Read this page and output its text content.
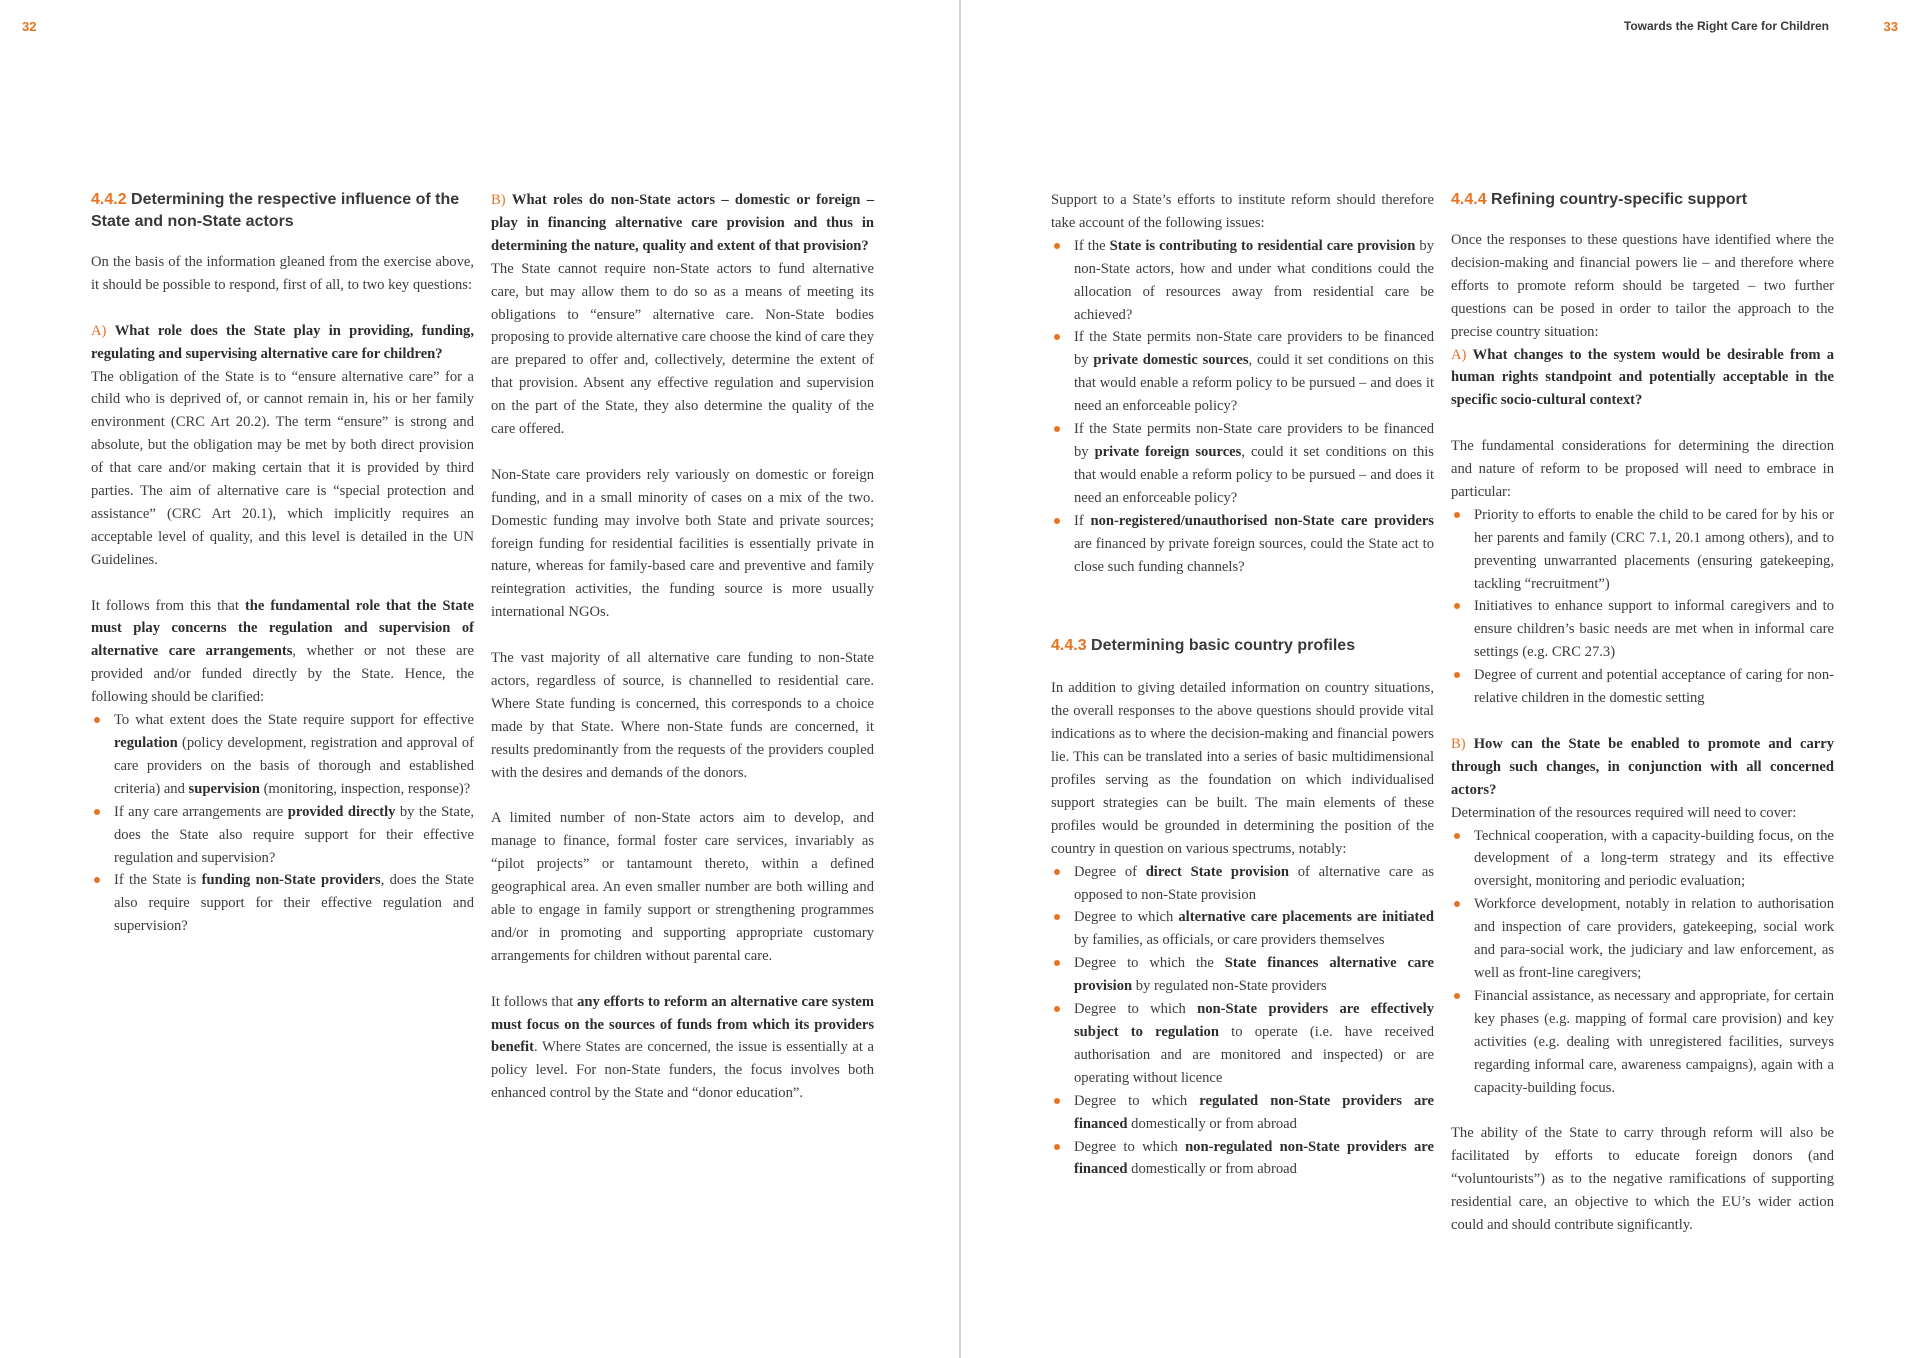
32
4.4.2 Determining the respective influence of the State and non-State actors

On the basis of the information gleaned from the exercise above, it should be possible to respond, first of all, to two key questions:

A) What role does the State play in providing, funding, regulating and supervising alternative care for children?

The obligation of the State is to “ensure alternative care” for a child who is deprived of, or cannot remain in, his or her family environment (CRC Art 20.2). The term “ensure” is strong and absolute, but the obligation may be met by both direct provision of that care and/or making certain that it is provided by third parties. The aim of alternative care is “special protection and assistance” (CRC Art 20.1), which implicitly requires an acceptable level of quality, and this level is detailed in the UN Guidelines.

It follows from this that the fundamental role that the State must play concerns the regulation and supervision of alternative care arrangements, whether or not these are provided and/or funded directly by the State. Hence, the following should be clarified:

To what extent does the State require support for effective regulation (policy development, registration and approval of care providers on the basis of thorough and established criteria) and supervision (monitoring, inspection, response)?
If any care arrangements are provided directly by the State, does the State also require support for their effective regulation and supervision?
If the State is funding non-State providers, does the State also require support for their effective regulation and supervision?

B) What roles do non-State actors – domestic or foreign – play in financing alternative care provision and thus in determining the nature, quality and extent of that provision?

The State cannot require non-State actors to fund alternative care, but may allow them to do so as a means of meeting its obligations to “ensure” alternative care. Non-State bodies proposing to provide alternative care choose the kind of care they are prepared to offer and, collectively, determine the extent of that provision. Absent any effective regulation and supervision on the part of the State, they also determine the quality of the care offered.

Non-State care providers rely variously on domestic or foreign funding, and in a small minority of cases on a mix of the two. Domestic funding may involve both State and private sources; foreign funding for residential facilities is essentially private in nature, whereas for family-based care and preventive and family reintegration activities, the funding source is more usually international NGOs.

The vast majority of all alternative care funding to non-State actors, regardless of source, is channelled to residential care. Where State funding is concerned, this corresponds to a choice made by that State. Where non-State funds are concerned, it results predominantly from the requests of the providers coupled with the desires and demands of the donors.

A limited number of non-State actors aim to develop, and manage to finance, formal foster care services, invariably as “pilot projects” or tantamount thereto, within a defined geographical area. An even smaller number are both willing and able to engage in family support or strengthening programmes and/or in promoting and supporting appropriate customary arrangements for children without parental care.

It follows that any efforts to reform an alternative care system must focus on the sources of funds from which its providers benefit. Where States are concerned, the issue is essentially at a policy level. For non-State funders, the focus involves both enhanced control by the State and “donor education”.

Towards the Right Care for Children	33

Support to a State’s efforts to institute reform should therefore take account of the following issues:

If the State is contributing to residential care provision by non-State actors, how and under what conditions could the allocation of resources away from residential care be achieved?
If the State permits non-State care providers to be financed by private domestic sources, could it set conditions on this that would enable a reform policy to be pursued – and does it need an enforceable policy?
If the State permits non-State care providers to be financed by private foreign sources, could it set conditions on this that would enable a reform policy to be pursued – and does it need an enforceable policy?
If non-registered/unauthorised non-State care providers are financed by private foreign sources, could the State act to close such funding channels?
4.4.3 Determining basic country profiles

In addition to giving detailed information on country situations, the overall responses to the above questions should provide vital indications as to where the decision-making and financial powers lie. This can be translated into a series of basic multidimensional profiles serving as the foundation on which individualised support strategies can be built. The main elements of these profiles would be grounded in determining the position of the country in question on various spectrums, notably:

Degree of direct State provision of alternative care as opposed to non-State provision
Degree to which alternative care placements are initiated by families, as officials, or care providers themselves
Degree to which the State finances alternative care provision by regulated non-State providers
Degree to which non-State providers are effectively subject to regulation to operate (i.e. have received authorisation and are monitored and inspected) or are operating without licence
Degree to which regulated non-State providers are financed domestically or from abroad
Degree to which non-regulated non-State providers are financed domestically or from abroad
4.4.4 Refining country-specific support

Once the responses to these questions have identified where the decision-making and financial powers lie – and therefore where efforts to promote reform should be targeted – two further questions can be posed in order to tailor the approach to the precise country situation:

A) What changes to the system would be desirable from a human rights standpoint and potentially acceptable in the specific socio-cultural context?

The fundamental considerations for determining the direction and nature of reform to be proposed will need to embrace in particular:

Priority to efforts to enable the child to be cared for by his or her parents and family (CRC 7.1, 20.1 among others), and to preventing unwarranted placements (ensuring gatekeeping, tackling “recruitment”)
Initiatives to enhance support to informal caregivers and to ensure children’s basic needs are met when in informal care settings (e.g. CRC 27.3)
Degree of current and potential acceptance of caring for non-relative children in the domestic setting

B) How can the State be enabled to promote and carry through such changes, in conjunction with all concerned actors?

Determination of the resources required will need to cover:

Technical cooperation, with a capacity-building focus, on the development of a long-term strategy and its effective oversight, monitoring and periodic evaluation;
Workforce development, notably in relation to authorisation and inspection of care providers, gatekeeping, social work and para-social work, the judiciary and law enforcement, as well as front-line caregivers;
Financial assistance, as necessary and appropriate, for certain key phases (e.g. mapping of formal care provision) and key activities (e.g. dealing with unregistered facilities, surveys regarding informal care, awareness campaigns), again with a capacity-building focus.

The ability of the State to carry through reform will also be facilitated by efforts to educate foreign donors (and “voluntourists”) as to the negative ramifications of supporting residential care, an objective to which the EU’s wider action could and should contribute significantly.
